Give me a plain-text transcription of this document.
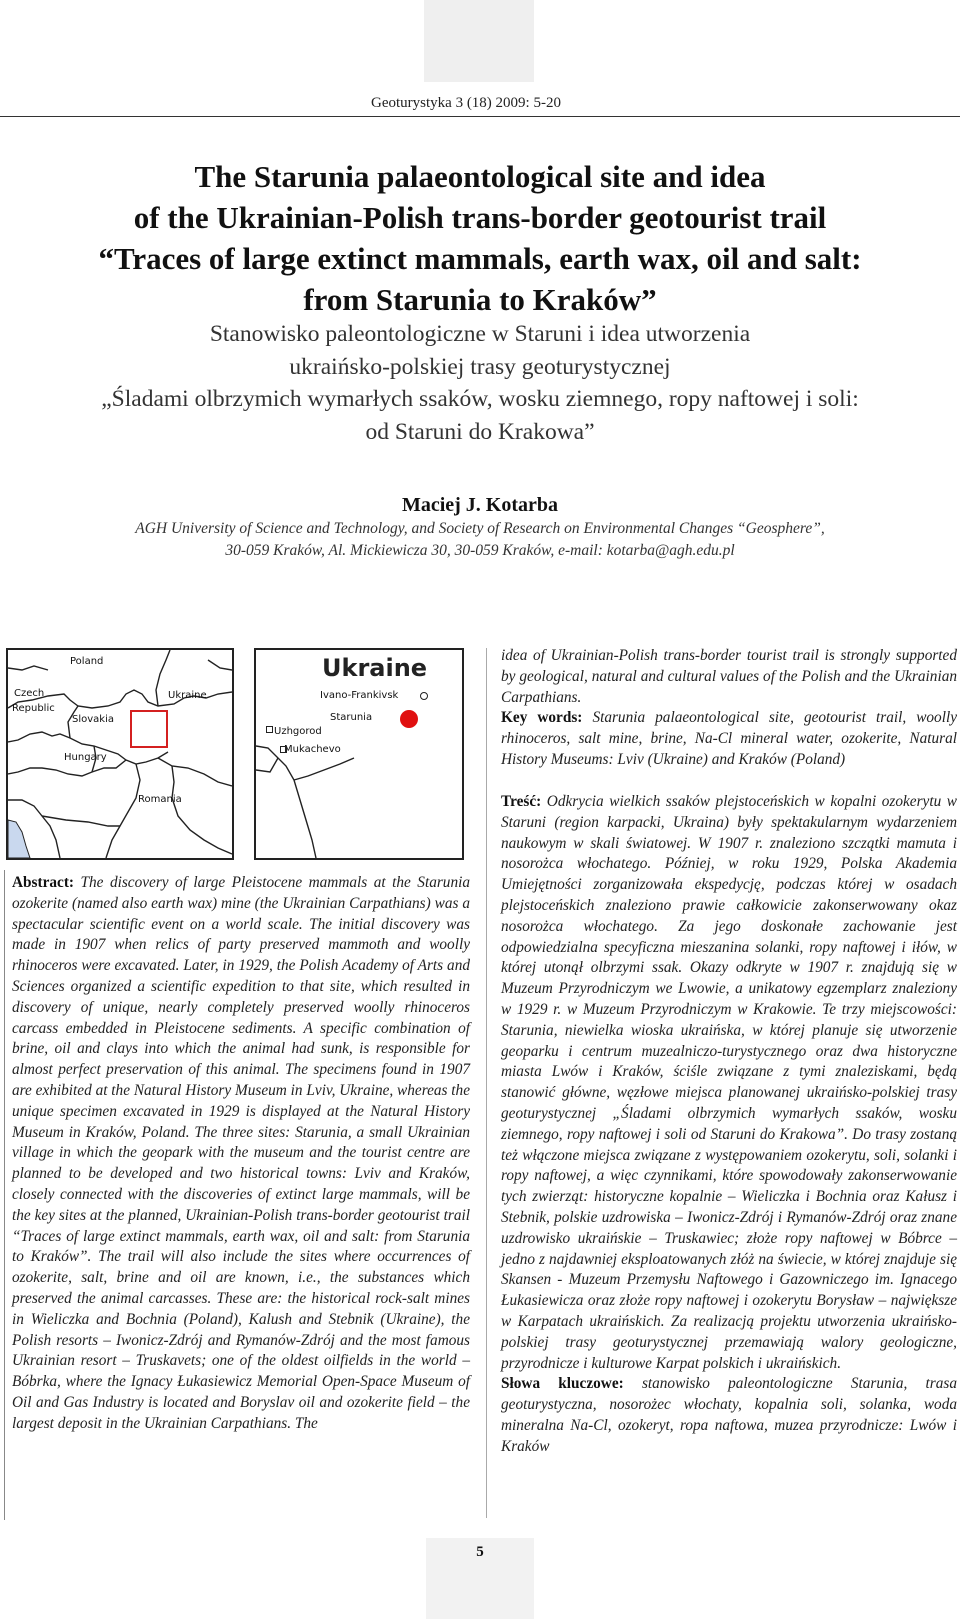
Geoturystyka 3 (18) 2009: 5-20
The Starunia palaeontological site and idea
of the Ukrainian-Polish trans-border geotourist trail
“Traces of large extinct mammals, earth wax, oil and salt:
from Starunia to Kraków”
Stanowisko paleontologiczne w Staruni i idea utworzenia
ukraińsko-polskiej trasy geoturystycznej
„Śladami olbrzymich wymarłych ssaków, wosku ziemnego, ropy naftowej i soli:
od Staruni do Krakowa”
Maciej J. Kotarba
AGH University of Science and Technology, and Society of Research on Environmental Changes “Geosphere”,
30-059 Kraków, Al. Mickiewicza 30, 30-059 Kraków, e-mail: kotarba@agh.edu.pl
Poland
Czech
Republic
Slovakia
Ukraine
Hungary
Romania
Ukraine
Ivano-Frankivsk
Starunia
Uzhgorod
Mukachevo

Abstract: The discovery of large Pleistocene mammals at the Starunia ozokerite (named also earth wax) mine (the Ukrainian Carpathians) was a spectacular scientific event on a world scale. The initial discovery was made in 1907 when relics of party preserved mammoth and woolly rhinoceros were excavated. Later, in 1929, the Polish Academy of Arts and Sciences organized a scientific expedition to that site, which resulted in discovery of unique, nearly completely preserved woolly rhinoceros carcass embedded in Pleistocene sediments. A specific combination of brine, oil and clays into which the animal had sunk, is responsible for almost perfect preservation of this animal. The specimens found in 1907 are exhibited at the Natural History Museum in Lviv, Ukraine, whereas the unique specimen excavated in 1929 is displayed at the Natural History Museum in Kraków, Poland. The three sites: Starunia, a small Ukrainian village in which the geopark with the museum and the tourist centre are planned to be developed and two historical towns: Lviv and Kraków, closely connected with the discoveries of extinct large mammals, will be the key sites at the planned, Ukrainian-Polish trans-border geotourist trail “Traces of large extinct mammals, earth wax, oil and salt: from Starunia to Kraków”. The trail will also include the sites where occurrences of ozokerite, salt, brine and oil are known, i.e., the substances which preserved the animal carcasses. These are: the historical rock-salt mines in Wieliczka and Bochnia (Poland), Kalush and Stebnik (Ukraine), the Polish resorts – Iwonicz-Zdrój and Rymanów-Zdrój and the most famous Ukrainian resort – Truskavets; one of the oldest oilfields in the world – Bóbrka, where the Ignacy Łukasiewicz Memorial Open-Space Museum of Oil and Gas Industry is located and Boryslav oil and ozokerite field – the largest deposit in the Ukrainian Carpathians. The

idea of Ukrainian-Polish trans-border tourist trail is strongly supported by geological, natural and cultural values of the Polish and the Ukrainian Carpathians.
Key words: Starunia palaeontological site, geotourist trail, woolly rhinoceros, salt mine, brine, Na-Cl mineral water, ozokerite, Natural History Museums: Lviv (Ukraine) and Kraków (Poland)

Treść: Odkrycia wielkich ssaków plejstoceńskich w kopalni ozokerytu w Staruni (region karpacki, Ukraina) były spektakularnym wydarzeniem naukowym w skali światowej. W 1907 r. znaleziono szczątki mamuta i nosorożca włochatego. Później, w roku 1929, Polska Akademia Umiejętności zorganizowała ekspedycję, podczas której w osadach plejstoceńskich znaleziono prawie całkowicie zakonserwowany okaz nosorożca włochatego. Za jego doskonałe zachowanie jest odpowiedzialna specyficzna mieszanina solanki, ropy naftowej i iłów, w której utonął olbrzymi ssak. Okazy odkryte w 1907 r. znajdują się w Muzeum Przyrodniczym we Lwowie, a unikatowy egzemplarz znaleziony w 1929 r. w Muzeum Przyrodniczym w Krakowie. Te trzy miejscowości: Starunia, niewielka wioska ukraińska, w której planuje się utworzenie geoparku i centrum muzealniczo-turystycznego oraz dwa historyczne miasta Lwów i Kraków, ściśle związane z tymi znaleziskami, będą stanowić główne, węzłowe miejsca planowanej ukraińsko-polskiej trasy geoturystycznej „Śladami olbrzymich wymarłych ssaków, wosku ziemnego, ropy naftowej i soli od Staruni do Krakowa”. Do trasy zostaną też włączone miejsca związane z występowaniem ozokerytu, soli, solanki i ropy naftowej, a więc czynnikami, które spowodowały zakonserwowanie tych zwierząt: historyczne kopalnie – Wieliczka i Bochnia oraz Kałusz i Stebnik, polskie uzdrowiska – Iwonicz-Zdrój i Rymanów-Zdrój oraz znane uzdrowisko ukraińskie – Truskawiec; złoże ropy naftowej w Bóbrce – jedno z najdawniej eksploatowanych złóż na świecie, w której znajduje się Skansen - Muzeum Przemysłu Naftowego i Gazowniczego im. Ignacego Łukasiewicza oraz złoże ropy naftowej i ozokerytu Borysław – największe w Karpatach ukraińskich. Za realizacją projektu utworzenia ukraińsko-polskiej trasy geoturystycznej przemawiają walory geologiczne, przyrodnicze i kulturowe Karpat polskich i ukraińskich.
Słowa kluczowe: stanowisko paleontologiczne Starunia, trasa geoturystyczna, nosorożec włochaty, kopalnia soli, solanka, woda mineralna Na-Cl, ozokeryt, ropa naftowa, muzea przyrodnicze: Lwów i Kraków

5
